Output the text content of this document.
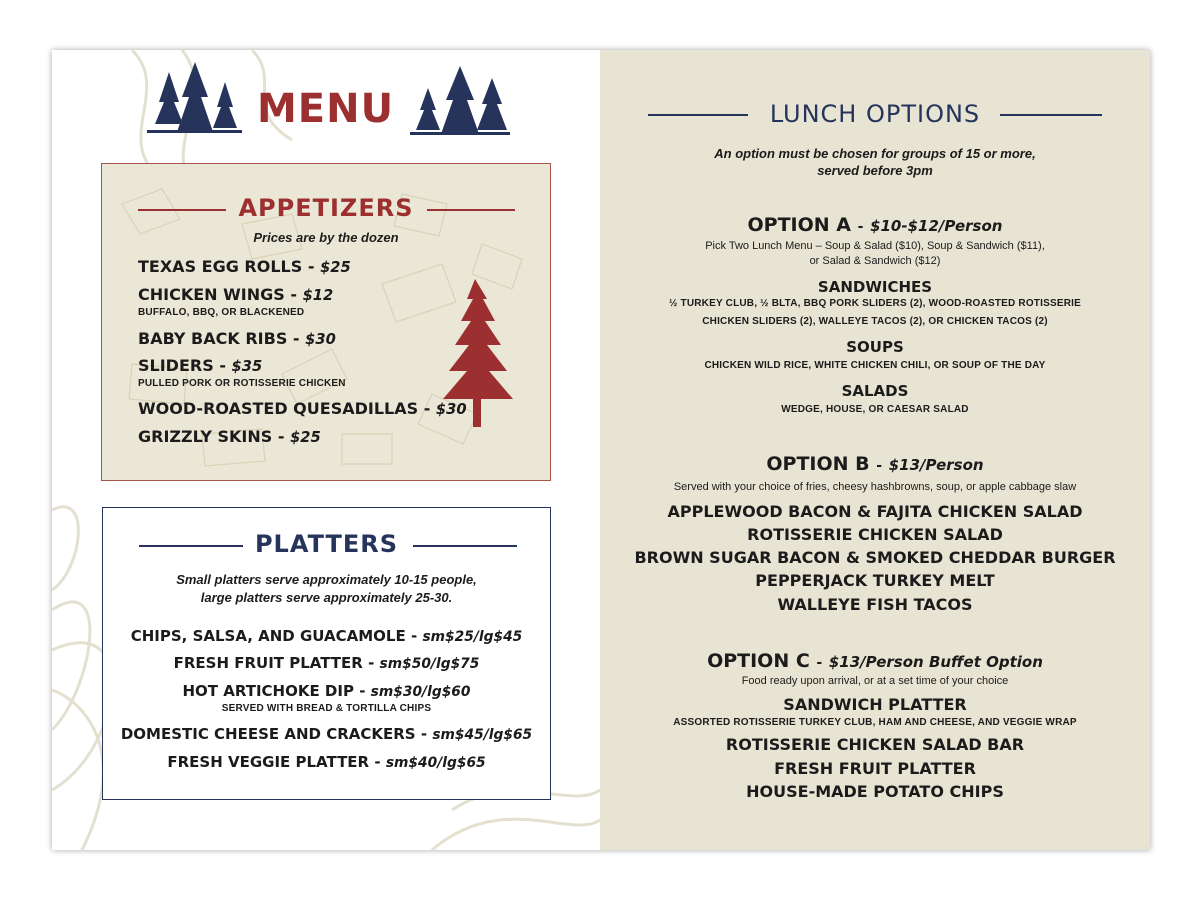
MENU
APPETIZERS
Prices are by the dozen
TEXAS EGG ROLLS - $25
CHICKEN WINGS - $12
BUFFALO, BBQ, OR BLACKENED
BABY BACK RIBS - $30
SLIDERS - $35
PULLED PORK OR ROTISSERIE CHICKEN
WOOD-ROASTED QUESADILLAS - $30
GRIZZLY SKINS - $25
PLATTERS
Small platters serve approximately 10-15 people,
large platters serve approximately 25-30.
CHIPS, SALSA, AND GUACAMOLE - sm$25/lg$45
FRESH FRUIT PLATTER - sm$50/lg$75
HOT ARTICHOKE DIP - sm$30/lg$60
SERVED WITH BREAD & TORTILLA CHIPS
DOMESTIC CHEESE AND CRACKERS - sm$45/lg$65
FRESH VEGGIE PLATTER - sm$40/lg$65
LUNCH OPTIONS
An option must be chosen for groups of 15 or more,
served before 3pm
OPTION A - $10-$12/Person
Pick Two Lunch Menu – Soup & Salad ($10), Soup & Sandwich ($11),
or Salad & Sandwich ($12)
SANDWICHES
½ TURKEY CLUB, ½ BLTA, BBQ PORK SLIDERS (2), WOOD-ROASTED ROTISSERIE
CHICKEN SLIDERS (2), WALLEYE TACOS (2), OR CHICKEN TACOS (2)
SOUPS
CHICKEN WILD RICE, WHITE CHICKEN CHILI, OR SOUP OF THE DAY
SALADS
WEDGE, HOUSE, OR CAESAR SALAD
OPTION B - $13/Person
Served with your choice of fries, cheesy hashbrowns, soup, or apple cabbage slaw
APPLEWOOD BACON & FAJITA CHICKEN SALAD
ROTISSERIE CHICKEN SALAD
BROWN SUGAR BACON & SMOKED CHEDDAR BURGER
PEPPERJACK TURKEY MELT
WALLEYE FISH TACOS
OPTION C - $13/Person Buffet Option
Food ready upon arrival, or at a set time of your choice
SANDWICH PLATTER
ASSORTED ROTISSERIE TURKEY CLUB, HAM AND CHEESE, AND VEGGIE WRAP
ROTISSERIE CHICKEN SALAD BAR
FRESH FRUIT PLATTER
HOUSE-MADE POTATO CHIPS
